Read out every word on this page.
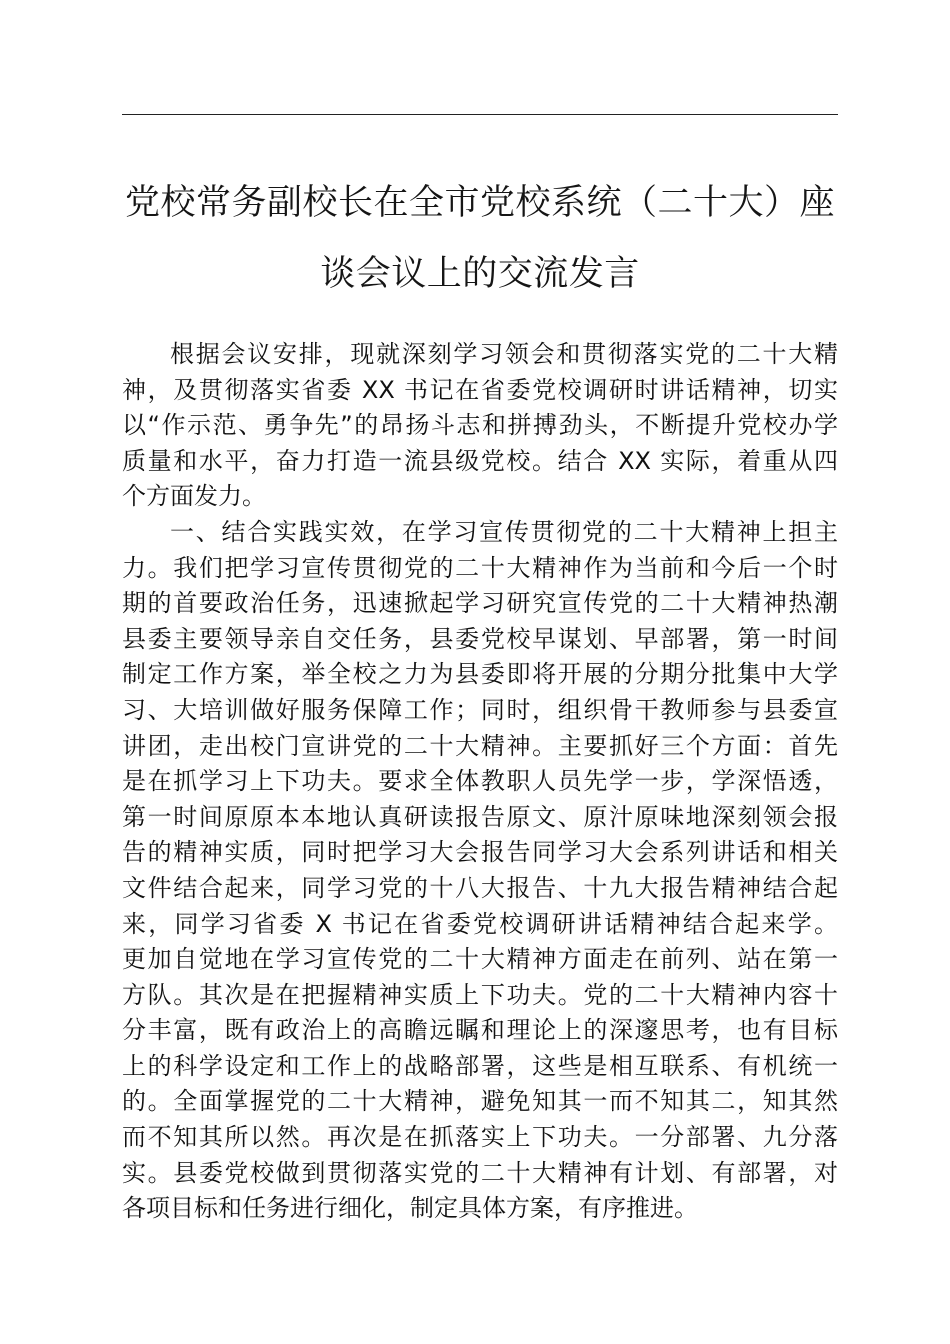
党校常务副校长在全市党校系统（二十大）座
谈会议上的交流发言
根据会议安排，现就深刻学习领会和贯彻落实党的二十大精
神，及贯彻落实省委 XX 书记在省委党校调研时讲话精神，切实
以“作示范、勇争先”的昂扬斗志和拼搏劲头，不断提升党校办学
质量和水平，奋力打造一流县级党校。结合 XX 实际，着重从四
个方面发力。
一、结合实践实效，在学习宣传贯彻党的二十大精神上担主
力。我们把学习宣传贯彻党的二十大精神作为当前和今后一个时
期的首要政治任务，迅速掀起学习研究宣传党的二十大精神热潮
县委主要领导亲自交任务，县委党校早谋划、早部署，第一时间
制定工作方案，举全校之力为县委即将开展的分期分批集中大学
习、大培训做好服务保障工作；同时，组织骨干教师参与县委宣
讲团，走出校门宣讲党的二十大精神。主要抓好三个方面：首先
是在抓学习上下功夫。要求全体教职人员先学一步，学深悟透，
第一时间原原本本地认真研读报告原文、原汁原味地深刻领会报
告的精神实质，同时把学习大会报告同学习大会系列讲话和相关
文件结合起来，同学习党的十八大报告、十九大报告精神结合起
来，同学习省委 X 书记在省委党校调研讲话精神结合起来学。
更加自觉地在学习宣传党的二十大精神方面走在前列、站在第一
方队。其次是在把握精神实质上下功夫。党的二十大精神内容十
分丰富，既有政治上的高瞻远瞩和理论上的深邃思考，也有目标
上的科学设定和工作上的战略部署，这些是相互联系、有机统一
的。全面掌握党的二十大精神，避免知其一而不知其二，知其然
而不知其所以然。再次是在抓落实上下功夫。一分部署、九分落
实。县委党校做到贯彻落实党的二十大精神有计划、有部署，对
各项目标和任务进行细化，制定具体方案，有序推进。
